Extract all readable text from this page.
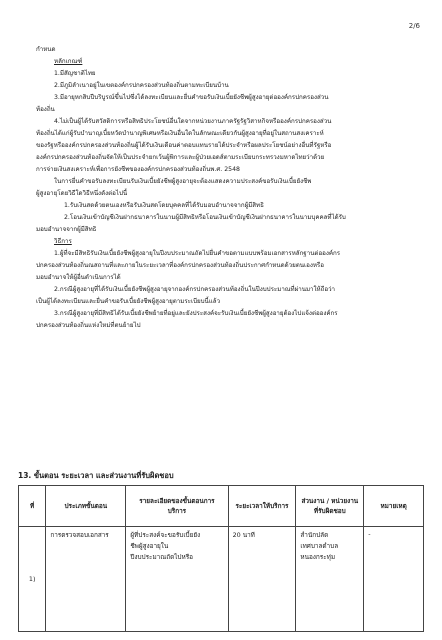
2/6
กำหนด
หลักเกณฑ์
1.มีสัญชาติไทย
2.มีภูมิลำเนาอยู่ในเขตองค์กรปกครองส่วนท้องถิ่นตามทะเบียนบ้าน
3.มีอายุหกสิบปีบริบูรณ์ขึ้นไปซึ่งได้ลงทะเบียนและยื่นคำขอรับเงินเบี้ยยังชีพผู้สูงอายุต่อองค์กรปกครองส่วน
ท้องถิ่น
4.ไม่เป็นผู้ได้รับสวัสดิการหรือสิทธิประโยชน์อื่นใดจากหน่วยงานภาครัฐรัฐวิสาหกิจหรือองค์กรปกครองส่วน
ท้องถิ่นได้แก่ผู้รับบำนาญเบี้ยหวัดบำนาญพิเศษหรือเงินอื่นใดในลักษณะเดียวกันผู้สูงอายุที่อยู่ในสถานสงเคราะห์
ของรัฐหรือองค์กรปกครองส่วนท้องถิ่นผู้ได้รับเงินเดือนค่าตอบแทนรายได้ประจำหรือผลประโยชน์อย่างอื่นที่รัฐหรือ
องค์กรปกครองส่วนท้องถิ่นจัดให้เป็นประจำยกเว้นผู้พิการและผู้ป่วยเอดส์ตามระเบียบกระทรวงมหาดไทยว่าด้วย
การจ่ายเงินสงเคราะห์เพื่อการยังชีพขององค์กรปกครองส่วนท้องถิ่นพ.ศ. 2548
ในการยื่นคำขอรับลงทะเบียนรับเงินเบี้ยยังชีพผู้สูงอายุจะต้องแสดงความประสงค์ขอรับเงินเบี้ยยังชีพ
ผู้สูงอายุโดยวิธีใดวิธีหนึ่งดังต่อไปนี้
1.รับเงินสดด้วยตนเองหรือรับเงินสดโดยบุคคลที่ได้รับมอบอำนาจจากผู้มีสิทธิ
2.โอนเงินเข้าบัญชีเงินฝากธนาคารในนามผู้มีสิทธิหรือโอนเงินเข้าบัญชีเงินฝากธนาคารในนามบุคคลที่ได้รับ
มอบอำนาจจากผู้มีสิทธิ
วิธีการ
1.ผู้ที่จะมีสิทธิรับเงินเบี้ยยังชีพผู้สูงอายุในปีงบประมาณถัดไปยื่นคำขอตามแบบพร้อมเอกสารหลักฐานต่อองค์กร
ปกครองส่วนท้องถิ่นณสถานที่และภายในระยะเวลาที่องค์กรปกครองส่วนท้องถิ่นประกาศกำหนดด้วยตนเองหรือ
มอบอำนาจให้ผู้อื่นดำเนินการได้
2.กรณีผู้สูงอายุที่ได้รับเงินเบี้ยยังชีพผู้สูงอายุจากองค์กรปกครองส่วนท้องถิ่นในปีงบประมาณที่ผ่านมาให้ถือว่า
เป็นผู้ได้ลงทะเบียนและยื่นคำขอรับเบี้ยยังชีพผู้สูงอายุตามระเบียบนี้แล้ว
3.กรณีผู้สูงอายุที่มีสิทธิได้รับเบี้ยยังชีพย้ายที่อยู่และยังประสงค์จะรับเงินเบี้ยยังชีพผู้สูงอายุต้องไปแจ้งต่อองค์กร
ปกครองส่วนท้องถิ่นแห่งใหม่ที่ตนย้ายไป
13. ขั้นตอน ระยะเวลา และส่วนงานที่รับผิดชอบ
ที่	ประเภทขั้นตอน	รายละเอียดของขั้นตอนการบริการ	ระยะเวลาให้บริการ	ส่วนงาน / หน่วยงานที่รับผิดชอบ	หมายเหตุ
1)	การตรวจสอบเอกสาร	ผู้ที่ประสงค์จะขอรับเบี้ยยัง
ชีพผู้สูงอายุใน
ปีงบประมาณถัดไปหรือ	20 นาที	สำนักปลัด
เทศบาลตำบล
หนองกระทุ่ม	-
